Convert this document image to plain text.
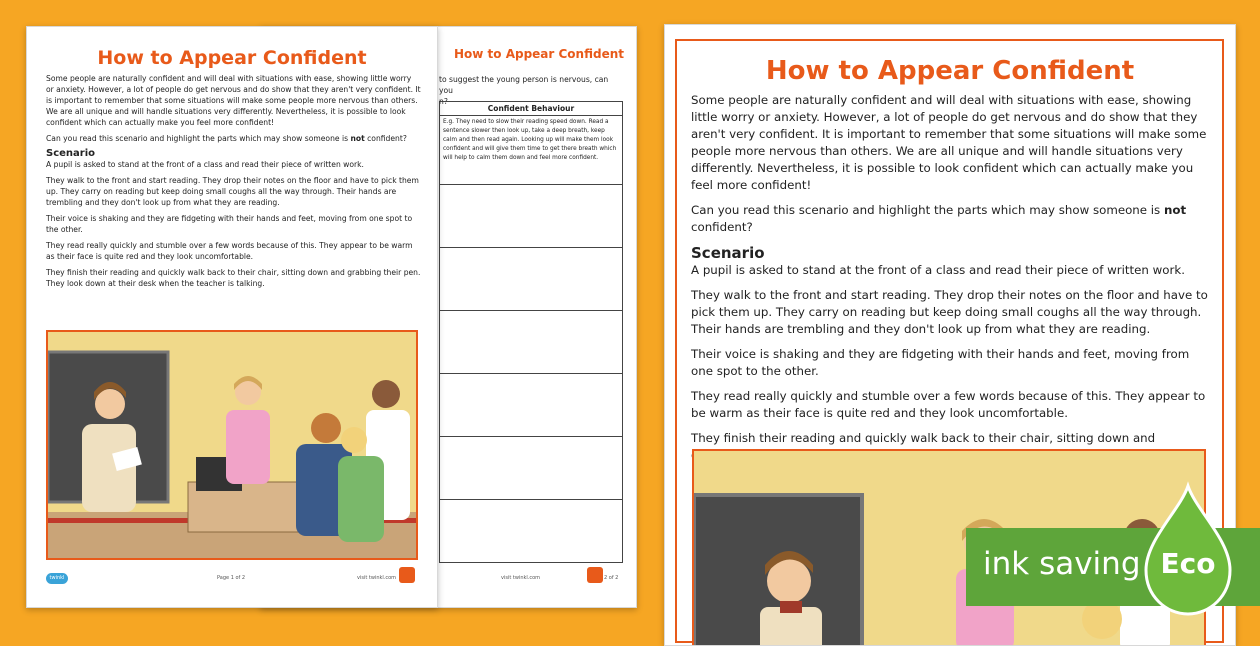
How to Appear Confident
to suggest the young person is nervous, can you
n?
Confident Behaviour
E.g. They need to slow their reading speed down. Read a sentence slower then look up, take a deep breath, keep calm and then read again. Looking up will make them look confident and will give them time to get there breath which will help to calm them down and feel more confident.

visit twinkl.com	2 of 2
How to Appear Confident

Some people are naturally confident and will deal with situations with ease, showing little worry or anxiety. However, a lot of people do get nervous and do show that they aren't very confident. It is important to remember that some situations will make some people more nervous than others. We are all unique and will handle situations very differently. Nevertheless, it is possible to look confident which can actually make you feel more confident!

Can you read this scenario and highlight the parts which may show someone is not confident?

Scenario

A pupil is asked to stand at the front of a class and read their piece of written work.

They walk to the front and start reading. They drop their notes on the floor and have to pick them up. They carry on reading but keep doing small coughs all the way through. Their hands are trembling and they don't look up from what they are reading.

Their voice is shaking and they are fidgeting with their hands and feet, moving from one spot to the other.

They read really quickly and stumble over a few words because of this. They appear to be warm as their face is quite red and they look uncomfortable.

They finish their reading and quickly walk back to their chair, sitting down and grabbing their pen. They look down at their desk when the teacher is talking.

twinkl	Page 1 of 2	visit twinkl.com
How to Appear Confident

Some people are naturally confident and will deal with situations with ease, showing little worry or anxiety. However, a lot of people do get nervous and do show that they aren't very confident. It is important to remember that some situations will make some people more nervous than others. We are all unique and will handle situations very differently. Nevertheless, it is possible to look confident which can actually make you feel more confident!

Can you read this scenario and highlight the parts which may show someone is not confident?

Scenario

A pupil is asked to stand at the front of a class and read their piece of written work.

They walk to the front and start reading. They drop their notes on the floor and have to pick them up. They carry on reading but keep doing small coughs all the way through. Their hands are trembling and they don't look up from what they are reading.

Their voice is shaking and they are fidgeting with their hands and feet, moving from one spot to the other.

They read really quickly and stumble over a few words because of this. They appear to be warm as their face is quite red and they look uncomfortable.

They finish their reading and quickly walk back to their chair, sitting down and

ink saving Eco
